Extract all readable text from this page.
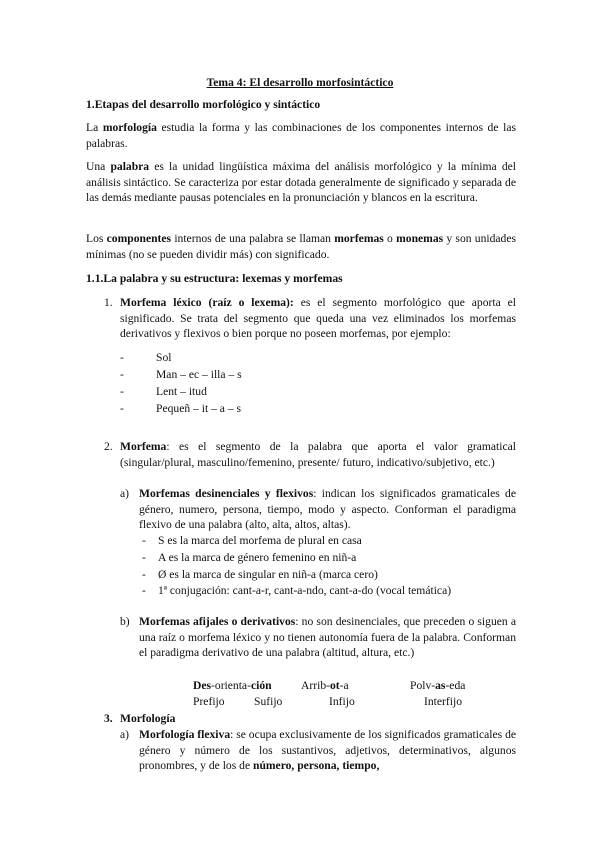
Tema 4: El desarrollo morfosintáctico
1.Etapas del desarrollo morfológico y sintáctico

La morfología estudia la forma y las combinaciones de los componentes internos de las palabras.

Una palabra es la unidad lingüística máxima del análisis morfológico y la mínima del análisis sintáctico. Se caracteriza por estar dotada generalmente de significado y separada de las demás mediante pausas potenciales en la pronunciación y blancos en la escritura.

Los componentes internos de una palabra se llaman morfemas o monemas y son unidades mínimas (no se pueden dividir más) con significado.

1.1.La palabra y su estructura: lexemas y morfemas
1. Morfema léxico (raíz o lexema): es el segmento morfológico que aporta el significado. Se trata del segmento que queda una vez eliminados los morfemas derivativos y flexivos o bien porque no poseen morfemas, por ejemplo:

-	Sol
-	Man – ec – illa – s
-	Lent – itud
-	Pequeñ – it – a – s
2. Morfema: es el segmento de la palabra que aporta el valor gramatical (singular/plural, masculino/femenino, presente/ futuro, indicativo/subjetivo, etc.)

a) Morfemas desinenciales y flexivos: indican los significados gramaticales de género, numero, persona, tiempo, modo y aspecto. Conforman el paradigma flexivo de una palabra (alto, alta, altos, altas).

- S es la marca del morfema de plural en casa
- A es la marca de género femenino en niñ-a
- Ø es la marca de singular en niñ-a (marca cero)
- 1ª conjugación: cant-a-r, cant-a-ndo, cant-a-do (vocal temática)
b) Morfemas afijales o derivativos: no son desinenciales, que preceden o siguen a una raíz o morfema léxico y no tienen autonomía fuera de la palabra. Conforman el paradigma derivativo de una palabra (altitud, altura, etc.)

Des-orienta-ción	Arrib-ot-a	Polv-as-eda
Prefijo	Sufijo	Infijo	Interfijo
3. Morfología
a) Morfología flexiva: se ocupa exclusivamente de los significados gramaticales de género y número de los sustantivos, adjetivos, determinativos, algunos pronombres, y de los de número, persona, tiempo,
